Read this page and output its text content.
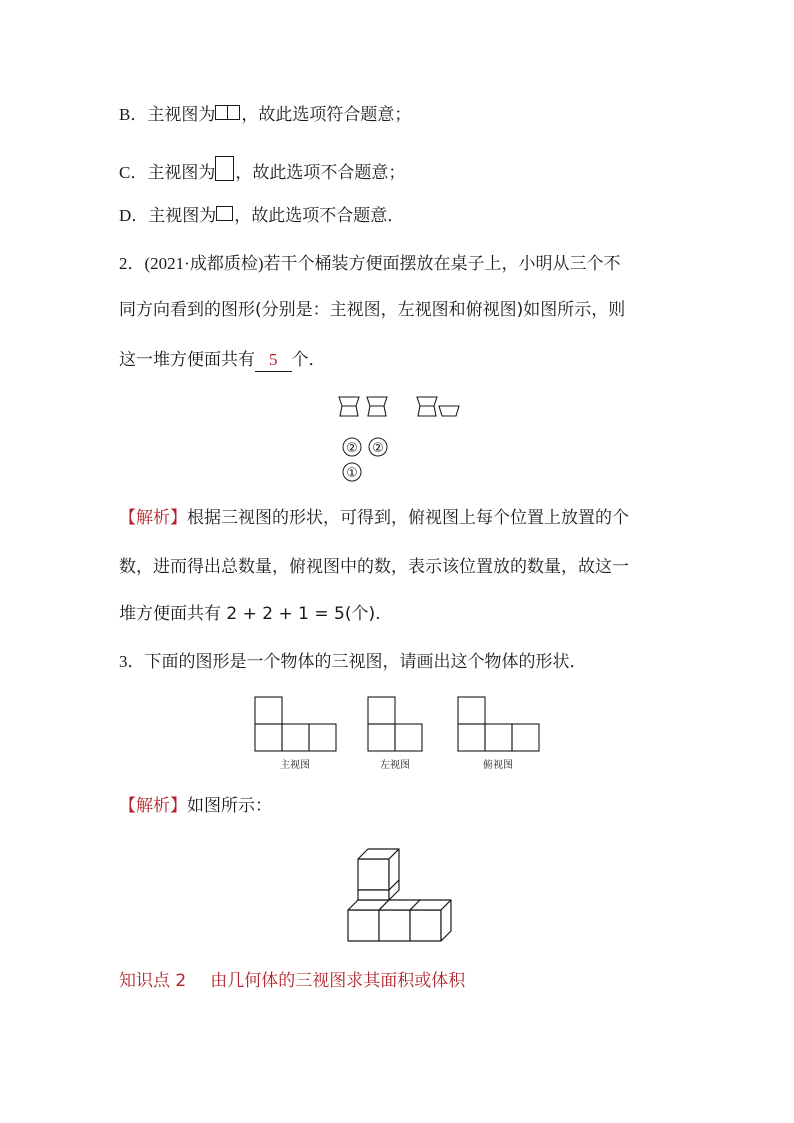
B．主视图为 ，故此选项符合题意；
C．主视图为 ，故此选项不合题意；
D．主视图为 ，故此选项不合题意．
2．(2021·成都质检)若干个桶装方便面摆放在桌子上，小明从三个不
同方向看到的图形(分别是：主视图，左视图和俯视图)如图所示，则
这一堆方便面共有 5 个．
② ②
①
【解析】根据三视图的形状，可得到，俯视图上每个位置上放置的个
数，进而得出总数量，俯视图中的数，表示该位置放的数量，故这一
堆方便面共有 2 + 2 + 1 = 5(个).
3．下面的图形是一个物体的三视图，请画出这个物体的形状．
主视图	左视图	俯视图
【解析】如图所示：
知识点 2 由几何体的三视图求其面积或体积
